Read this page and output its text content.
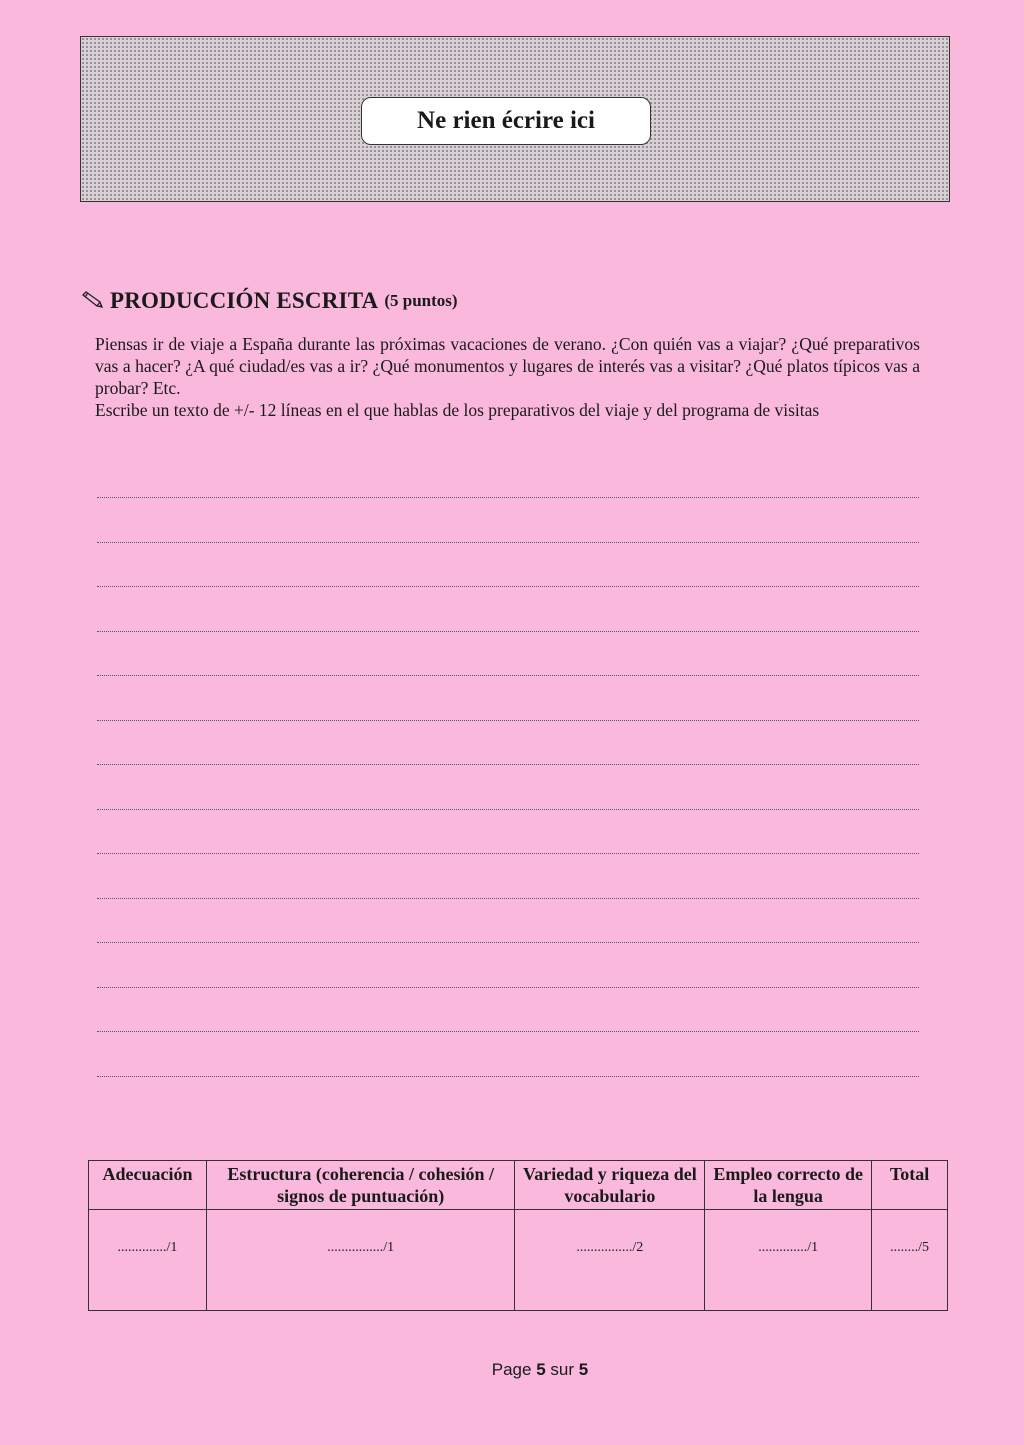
Ne rien écrire ici
PRODUCCIÓN ESCRITA (5 puntos)

Piensas ir de viaje a España durante las próximas vacaciones de verano. ¿Con quién vas a viajar? ¿Qué preparativos vas a hacer? ¿A qué ciudad/es vas a ir? ¿Qué monumentos y lugares de interés vas a visitar? ¿Qué platos típicos vas a probar? Etc.

Escribe un texto de +/- 12 líneas en el que hablas de los preparativos del viaje y del programa de visitas

Adecuación	Estructura (coherencia / cohesión / signos de puntuación)	Variedad y riqueza del vocabulario	Empleo correcto de la lengua	Total
............../1	................/1	................/2	............../1	......../5
Page 5 sur 5
